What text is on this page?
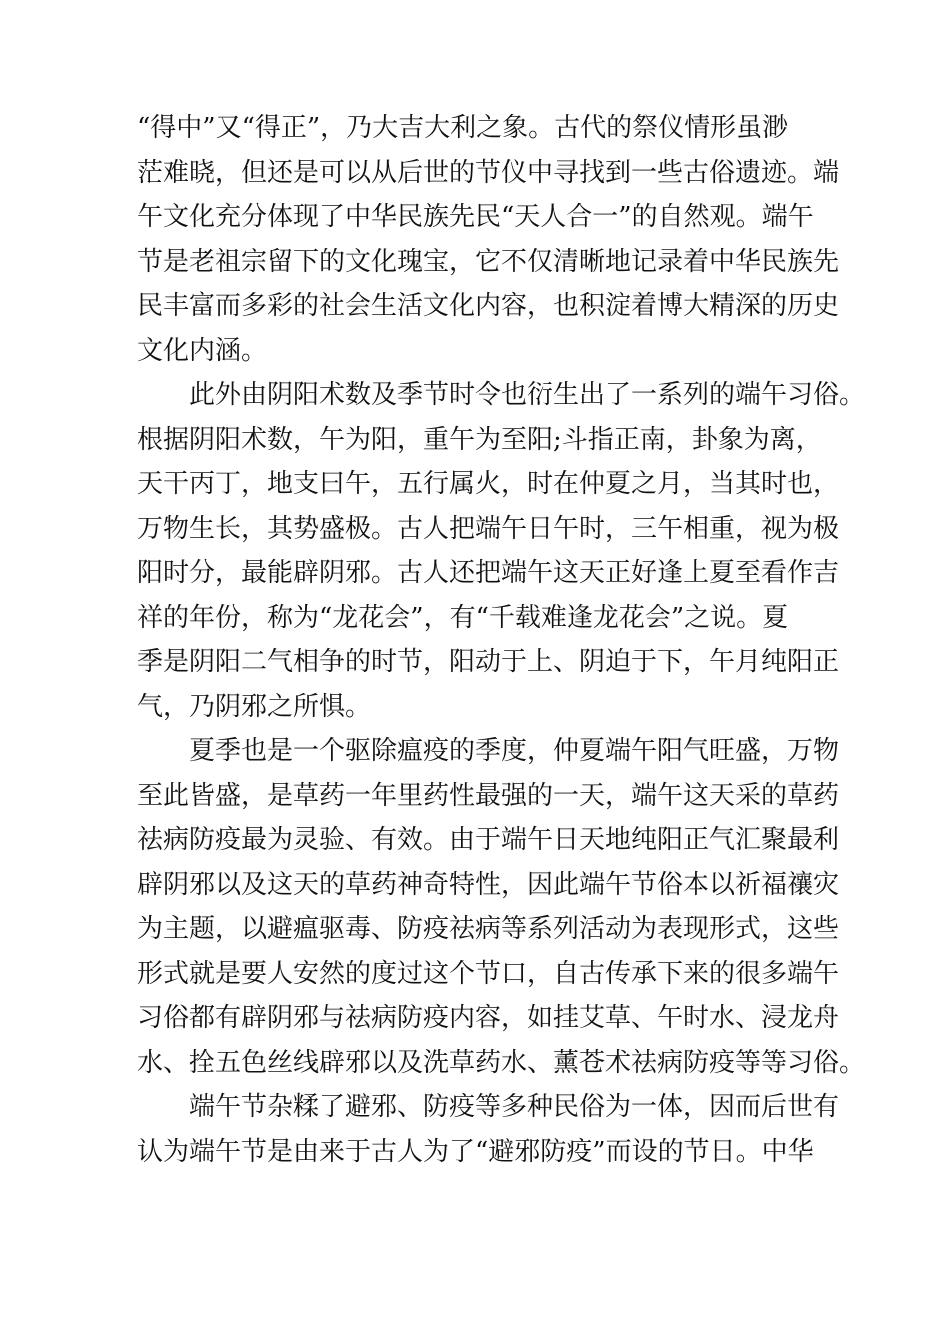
“得中”又“得正”，乃大吉大利之象。古代的祭仪情形虽渺
茫难晓，但还是可以从后世的节仪中寻找到一些古俗遗迹。端
午文化充分体现了中华民族先民“天人合一”的自然观。端午
节是老祖宗留下的文化瑰宝，它不仅清晰地记录着中华民族先
民丰富而多彩的社会生活文化内容，也积淀着博大精深的历史
文化内涵。
此外由阴阳术数及季节时令也衍生出了一系列的端午习俗。
根据阴阳术数，午为阳，重午为至阳;斗指正南，卦象为离，
天干丙丁，地支曰午，五行属火，时在仲夏之月，当其时也，
万物生长，其势盛极。古人把端午日午时，三午相重，视为极
阳时分，最能辟阴邪。古人还把端午这天正好逢上夏至看作吉
祥的年份，称为“龙花会”，有“千载难逢龙花会”之说。夏
季是阴阳二气相争的时节，阳动于上、阴迫于下，午月纯阳正
气，乃阴邪之所惧。
夏季也是一个驱除瘟疫的季度，仲夏端午阳气旺盛，万物
至此皆盛，是草药一年里药性最强的一天，端午这天采的草药
祛病防疫最为灵验、有效。由于端午日天地纯阳正气汇聚最利
辟阴邪以及这天的草药神奇特性，因此端午节俗本以祈福禳灾
为主题，以避瘟驱毒、防疫祛病等系列活动为表现形式，这些
形式就是要人安然的度过这个节口，自古传承下来的很多端午
习俗都有辟阴邪与祛病防疫内容，如挂艾草、午时水、浸龙舟
水、拴五色丝线辟邪以及洗草药水、薰苍术祛病防疫等等习俗。
端午节杂糅了避邪、防疫等多种民俗为一体，因而后世有
认为端午节是由来于古人为了“避邪防疫”而设的节日。中华
